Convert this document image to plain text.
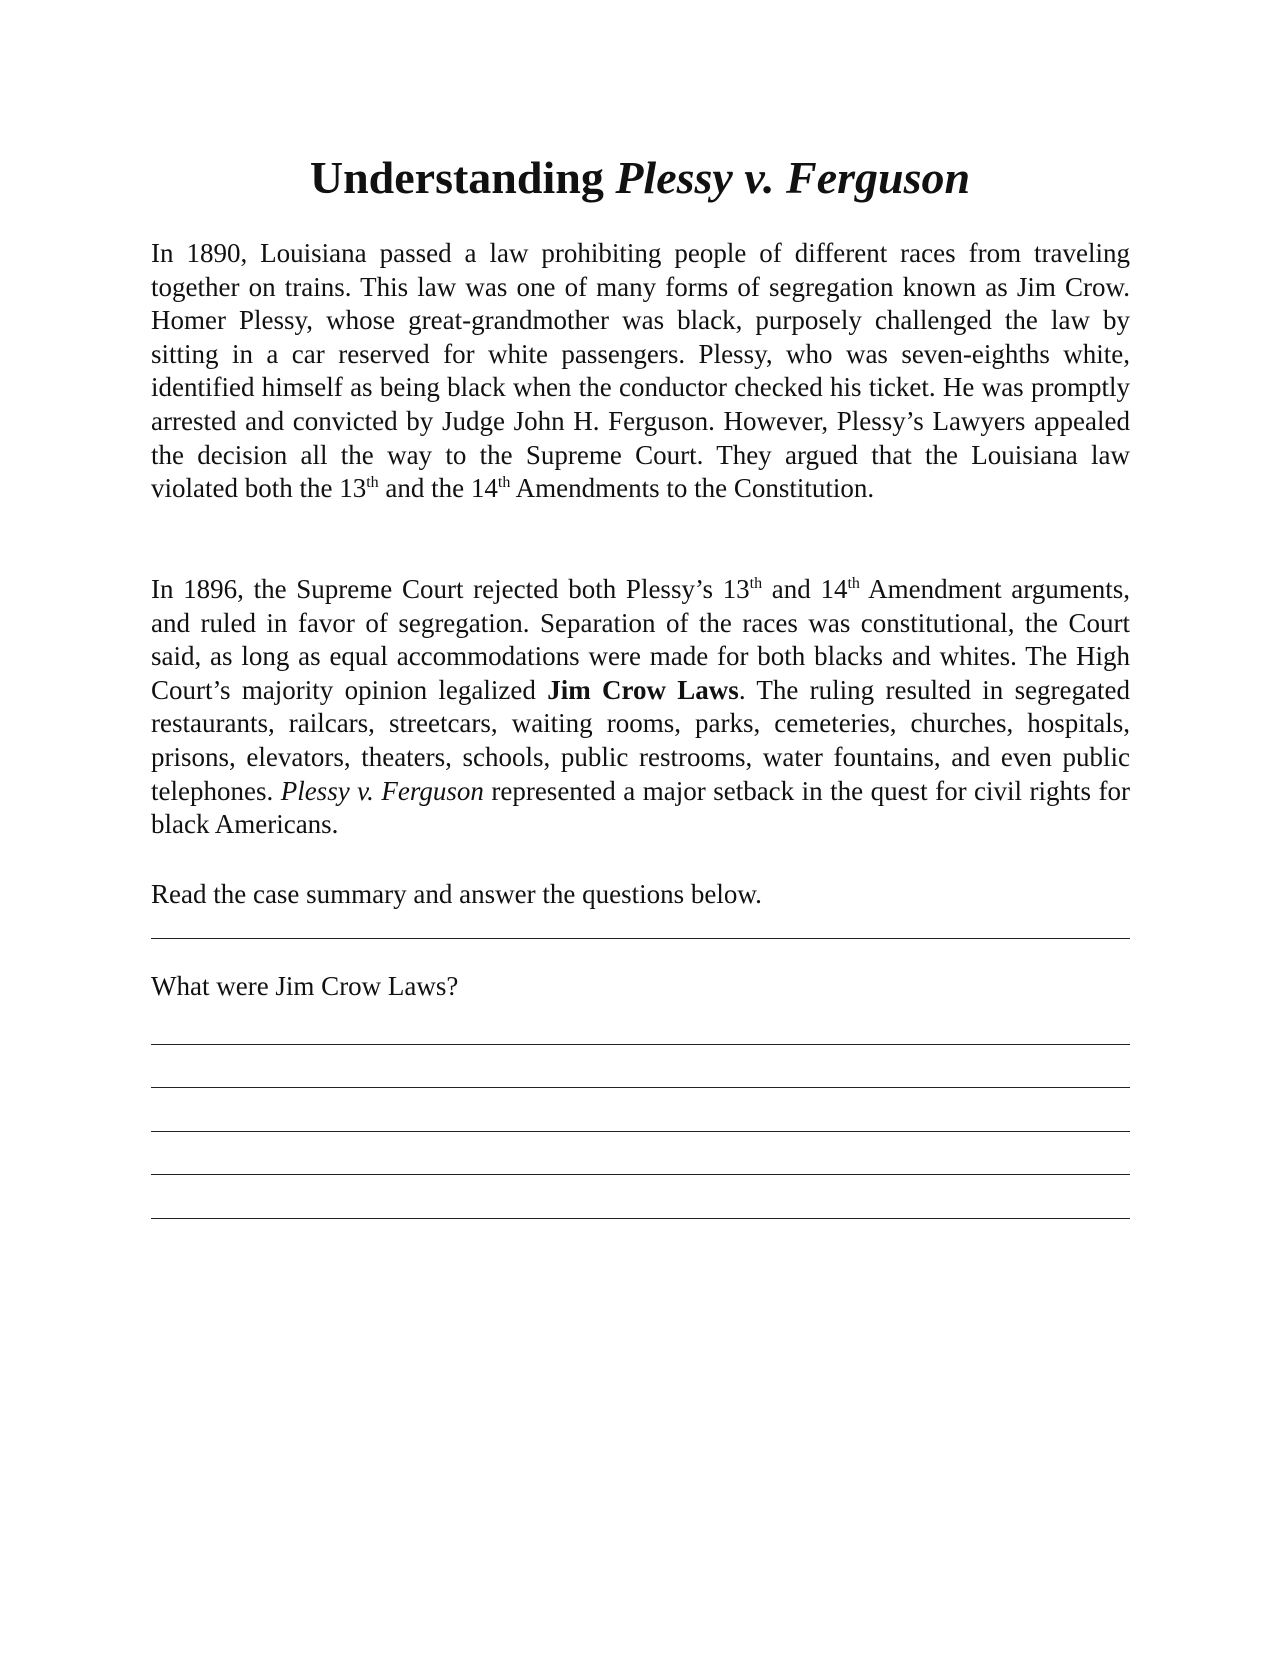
Understanding Plessy v. Ferguson

In 1890, Louisiana passed a law prohibiting people of different races from traveling together on trains. This law was one of many forms of segregation known as Jim Crow. Homer Plessy, whose great-grandmother was black, purposely challenged the law by sitting in a car reserved for white passengers. Plessy, who was seven-eighths white, identified himself as being black when the conductor checked his ticket. He was promptly arrested and convicted by Judge John H. Ferguson. However, Plessy’s Lawyers appealed the decision all the way to the Supreme Court. They argued that the Louisiana law violated both the 13th and the 14th Amendments to the Constitution.

In 1896, the Supreme Court rejected both Plessy’s 13th and 14th Amendment arguments, and ruled in favor of segregation. Separation of the races was constitutional, the Court said, as long as equal accommodations were made for both blacks and whites. The High Court’s majority opinion legalized Jim Crow Laws. The ruling resulted in segregated restaurants, railcars, streetcars, waiting rooms, parks, cemeteries, churches, hospitals, prisons, elevators, theaters, schools, public restrooms, water fountains, and even public telephones. Plessy v. Ferguson represented a major setback in the quest for civil rights for black Americans.

Read the case summary and answer the questions below.

What were Jim Crow Laws?
